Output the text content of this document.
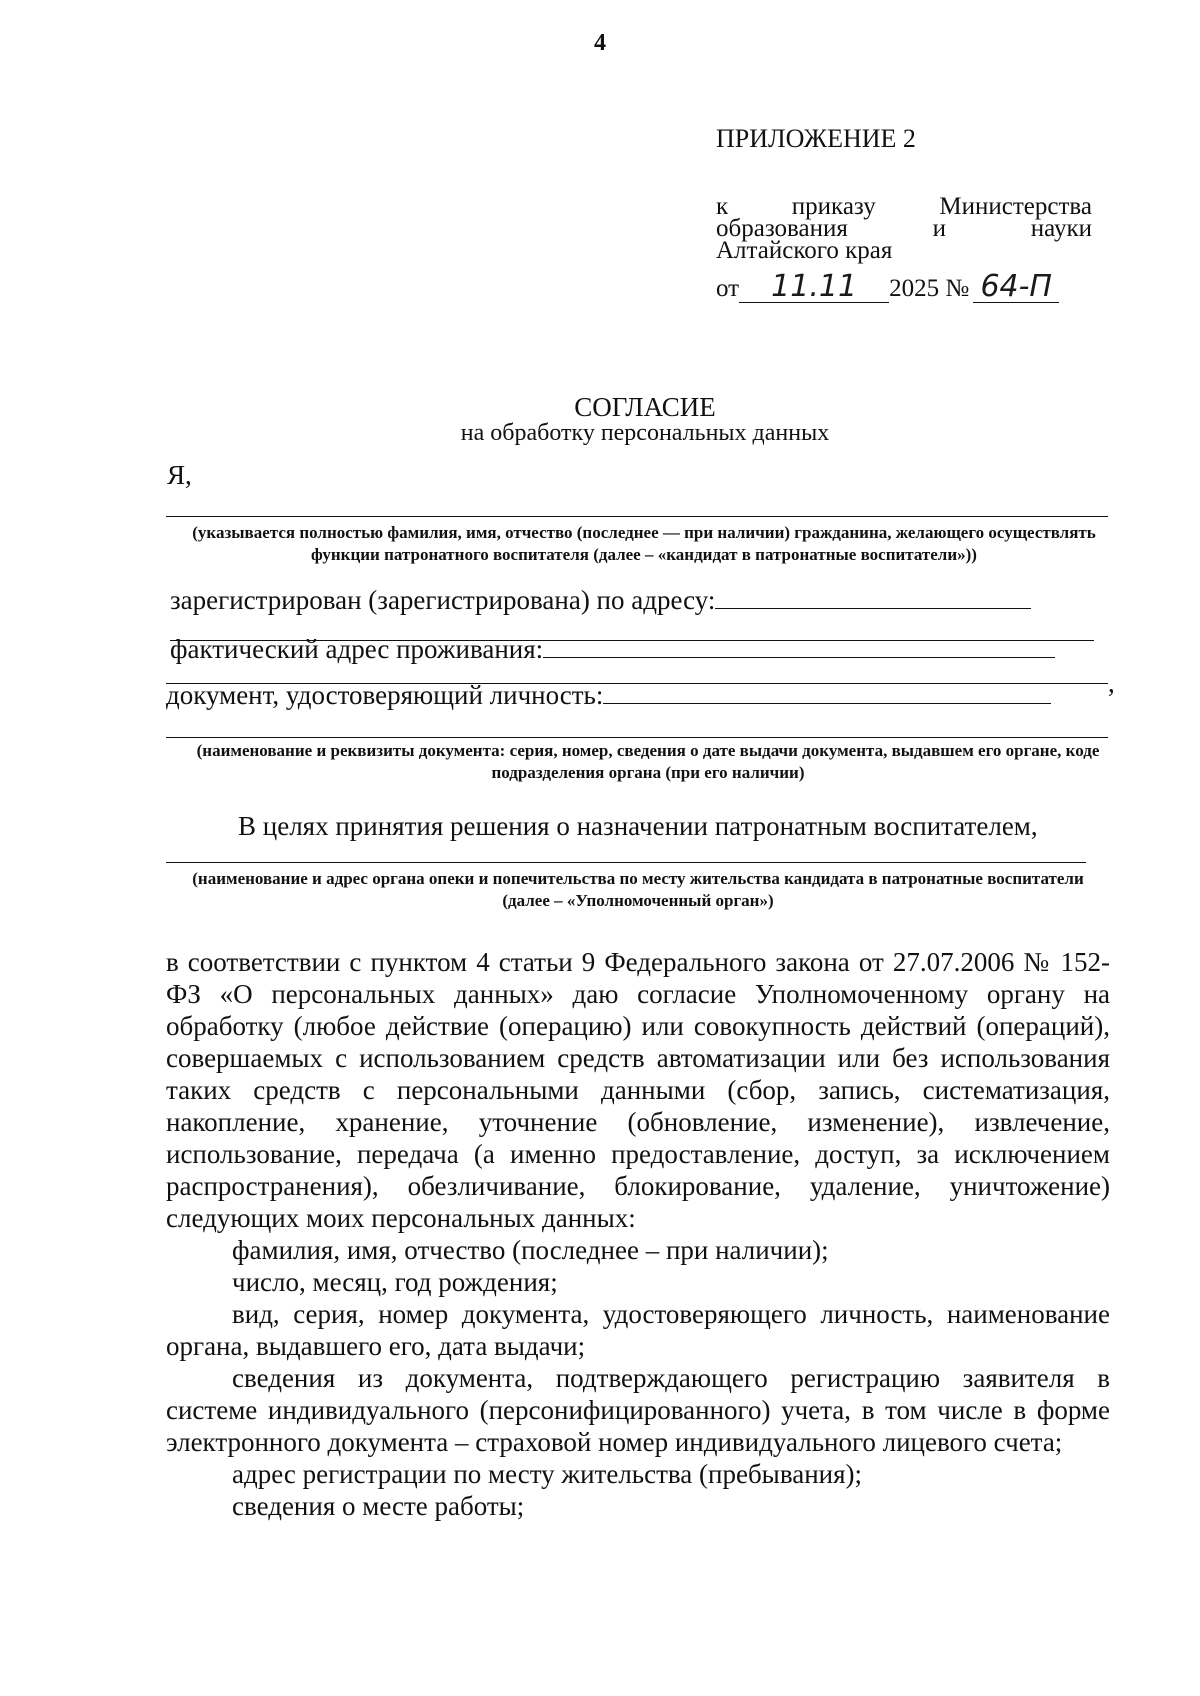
4
ПРИЛОЖЕНИЕ 2
к	приказу	Министерства
образования	и	науки
Алтайского края
от	11.11	2025 № 64-П
СОГЛАСИЕ
на обработку персональных данных
Я,
(указывается полностью фамилия, имя, отчество (последнее — при наличии) гражданина, желающего осуществлять функции патронатного воспитателя (далее – «кандидат в патронатные воспитатели»))
зарегистрирован (зарегистрирована) по адресу:
фактический адрес проживания:
документ, удостоверяющий личность:	,
(наименование и реквизиты документа: серия, номер, сведения о дате выдачи документа, выдавшем его органе, коде подразделения органа (при его наличии)
В целях принятия решения о назначении патронатным воспитателем,
(наименование и адрес органа опеки и попечительства по месту жительства кандидата в патронатные воспитатели (далее – «Уполномоченный орган»)

в соответствии с пунктом 4 статьи 9 Федерального закона от 27.07.2006 № 152-ФЗ «О персональных данных» даю согласие Уполномоченному органу на обработку (любое действие (операцию) или совокупность действий (операций), совершаемых с использованием средств автоматизации или без использования таких средств с персональными данными (сбор, запись, систематизация, накопление, хранение, уточнение (обновление, изменение), извлечение, использование, передача (а именно предоставление, доступ, за исключением распространения), обезличивание, блокирование, удаление, уничтожение) следующих моих персональных данных:

фамилия, имя, отчество (последнее – при наличии);

число, месяц, год рождения;

вид, серия, номер документа, удостоверяющего личность, наименование органа, выдавшего его, дата выдачи;

сведения из документа, подтверждающего регистрацию заявителя в системе индивидуального (персонифицированного) учета, в том числе в форме электронного документа – страховой номер индивидуального лицевого счета;

адрес регистрации по месту жительства (пребывания);

сведения о месте работы;
